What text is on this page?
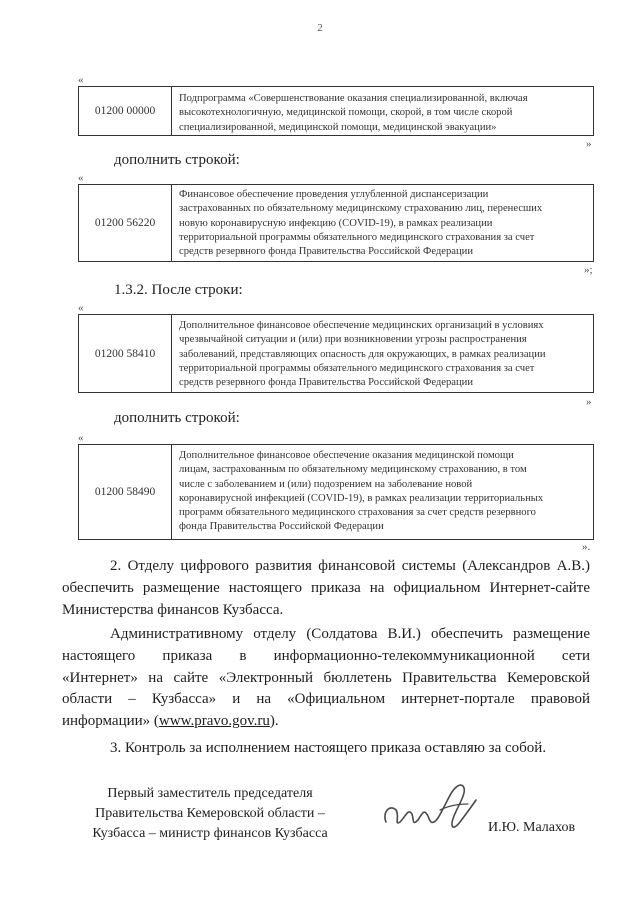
2
«
01200 00000
Подпрограмма «Совершенствование оказания специализированной, включая
высокотехнологичную, медицинской помощи, скорой, в том числе скорой
специализированной, медицинской помощи, медицинской эвакуации»
»
дополнить строкой:
«
01200 56220
Финансовое обеспечение проведения углубленной диспансеризации
застрахованных по обязательному медицинскому страхованию лиц, перенесших
новую коронавирусную инфекцию (COVID-19), в рамках реализации
территориальной программы обязательного медицинского страхования за счет
средств резервного фонда Правительства Российской Федерации
»;
1.3.2. После строки:
«
01200 58410
Дополнительное финансовое обеспечение медицинских организаций в условиях
чрезвычайной ситуации и (или) при возникновении угрозы распространения
заболеваний, представляющих опасность для окружающих, в рамках реализации
территориальной программы обязательного медицинского страхования за счет
средств резервного фонда Правительства Российской Федерации
»
дополнить строкой:
«
01200 58490
Дополнительное финансовое обеспечение оказания медицинской помощи
лицам, застрахованным по обязательному медицинскому страхованию, в том
числе с заболеванием и (или) подозрением на заболевание новой
коронавирусной инфекцией (COVID-19), в рамках реализации территориальных
программ обязательного медицинского страхования за счет средств резервного
фонда Правительства Российской Федерации
».
2. Отделу цифрового развития финансовой системы (Александров А.В.)
обеспечить размещение настоящего приказа на официальном Интернет-сайте
Министерства финансов Кузбасса.
Административному отделу (Солдатова В.И.) обеспечить размещение
настоящего     приказа     в     информационно-телекоммуникационной     сети
«Интернет» на сайте «Электронный бюллетень Правительства Кемеровской
области – Кузбасса» и на «Официальном интернет-портале правовой
информации» (www.pravo.gov.ru).
3. Контроль за исполнением настоящего приказа оставляю за собой.
Первый заместитель председателя
Правительства Кемеровской области –
Кузбасса – министр финансов Кузбасса	И.Ю. Малахов
